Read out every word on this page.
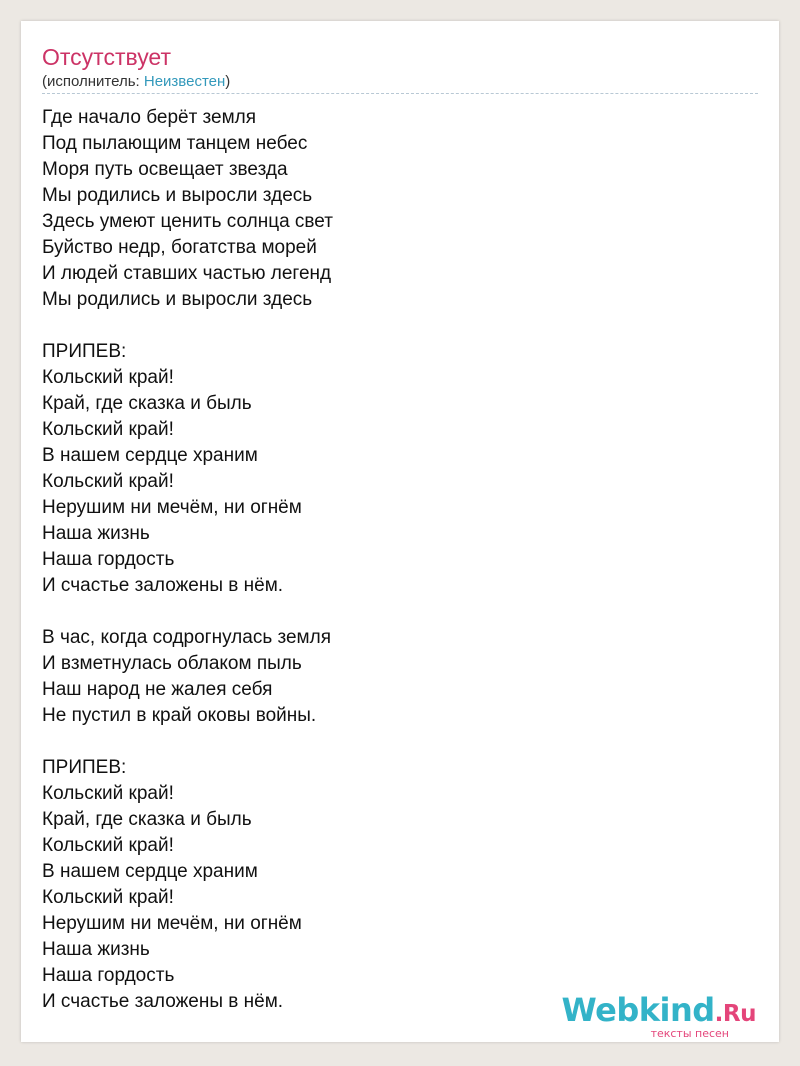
Отсутствует
(исполнитель: Неизвестен)
Где начало берёт земля
Под пылающим танцем небес
Моря путь освещает звезда
Мы родились и выросли здесь
Здесь умеют ценить солнца свет
Буйство недр, богатства морей
И людей ставших частью легенд
Мы родились и выросли здесь
ПРИПЕВ:
Кольский край!
Край, где сказка и быль
Кольский край!
В нашем сердце храним
Кольский край!
Нерушим ни мечём, ни огнём
Наша жизнь
Наша гордость
И счастье заложены в нём.
В час, когда содрогнулась земля
И взметнулась облаком пыль
Наш народ не жалея себя
Не пустил в край оковы войны.
ПРИПЕВ:
Кольский край!
Край, где сказка и быль
Кольский край!
В нашем сердце храним
Кольский край!
Нерушим ни мечём, ни огнём
Наша жизнь
Наша гордость
И счастье заложены в нём.	Webkind.Ru
тексты песен
